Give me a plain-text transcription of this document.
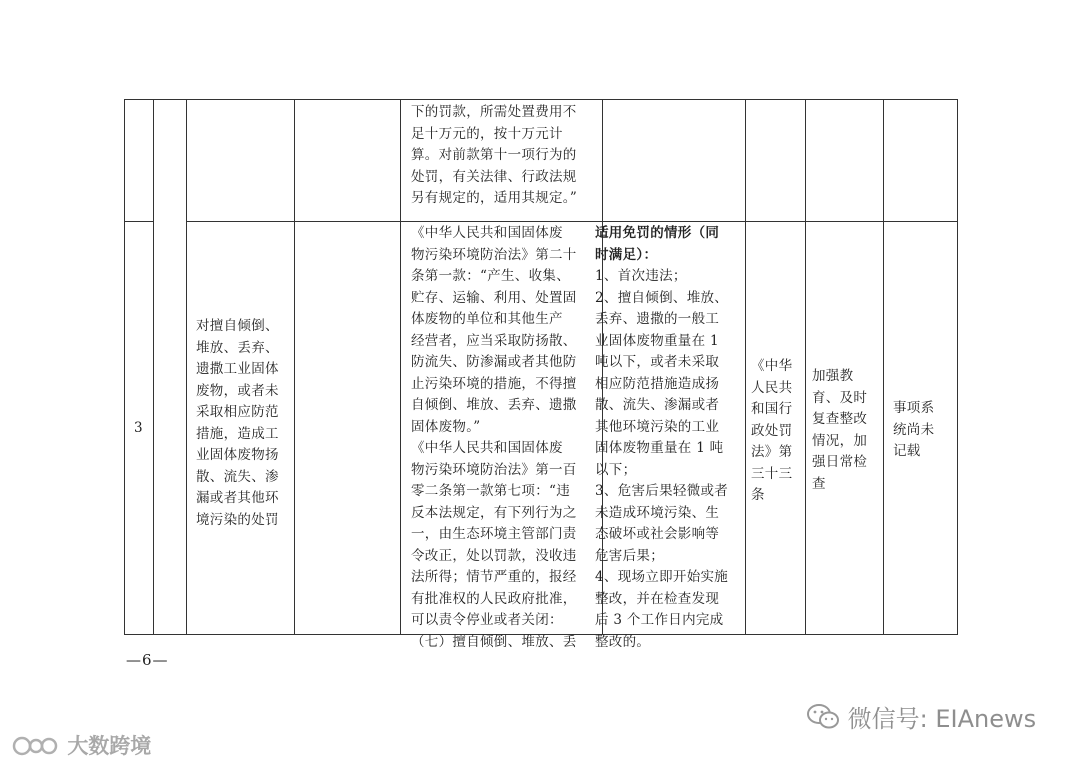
下的罚款，所需处置费用不
足十万元的，按十万元计
算。对前款第十一项行为的
处罚，有关法律、行政法规
另有规定的，适用其规定。”
3
对擅自倾倒、
堆放、丢弃、
遗撒工业固体
废物，或者未
采取相应防范
措施，造成工
业固体废物扬
散、流失、渗
漏或者其他环
境污染的处罚
《中华人民共和国固体废
物污染环境防治法》第二十
条第一款：“产生、收集、
贮存、运输、利用、处置固
体废物的单位和其他生产
经营者，应当采取防扬散、
防流失、防渗漏或者其他防
止污染环境的措施，不得擅
自倾倒、堆放、丢弃、遗撒
固体废物。”
《中华人民共和国固体废
物污染环境防治法》第一百
零二条第一款第七项：“违
反本法规定，有下列行为之
一，由生态环境主管部门责
令改正，处以罚款，没收违
法所得；情节严重的，报经
有批准权的人民政府批准，
可以责令停业或者关闭：
（七）擅自倾倒、堆放、丢
适用免罚的情形（同
时满足）：
1、首次违法；
2、擅自倾倒、堆放、
丢弃、遗撒的一般工
业固体废物重量在 1
吨以下，或者未采取
相应防范措施造成扬
散、流失、渗漏或者
其他环境污染的工业
固体废物重量在 1 吨
以下；
3、危害后果轻微或者
未造成环境污染、生
态破坏或社会影响等
危害后果；
4、现场立即开始实施
整改，并在检查发现
后 3 个工作日内完成
整改的。
《中华
人民共
和国行
政处罚
法》第
三十三
条
加强教
育、及时
复查整改
情况，加
强日常检
查
事项系
统尚未
记载
—6—
大数跨境
微信号: EIAnews
